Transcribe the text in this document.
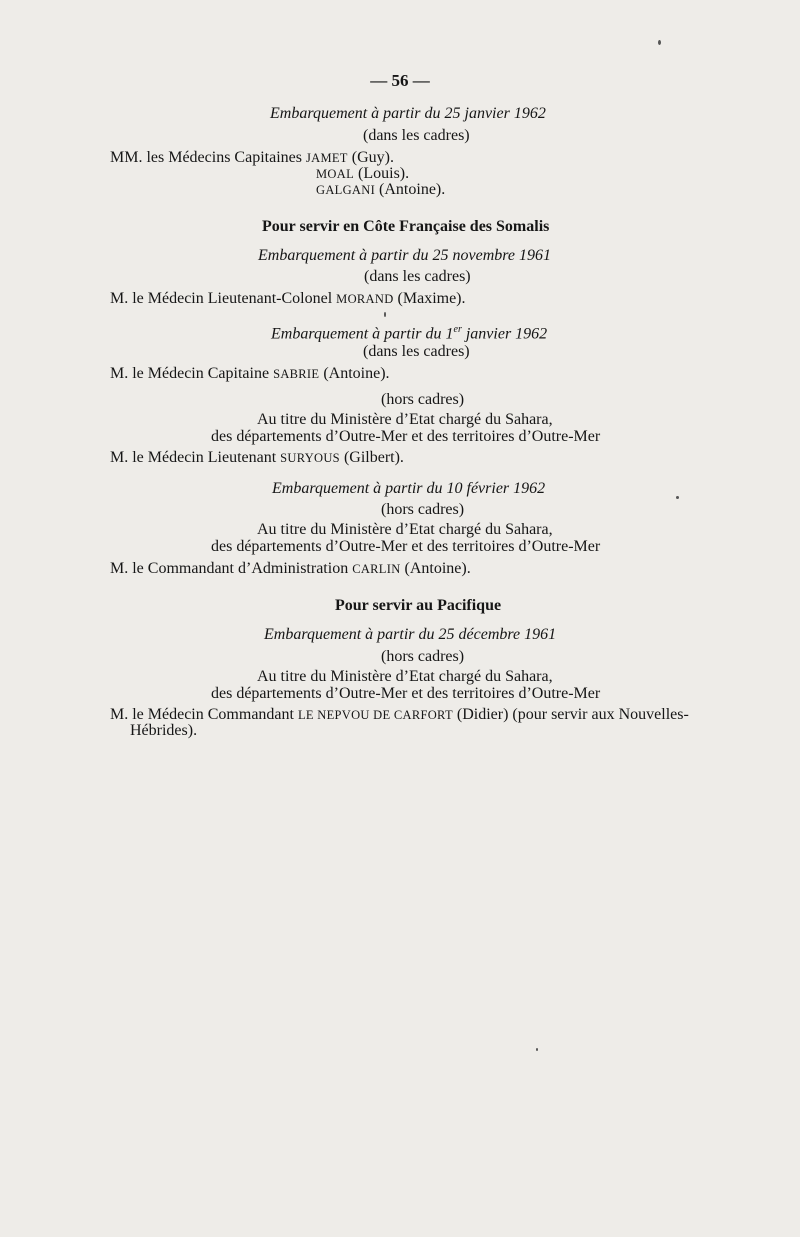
— 56 —
Embarquement à partir du 25 janvier 1962
(dans les cadres)
MM. les Médecins Capitaines JAMET (Guy).
MOAL (Louis).
GALGANI (Antoine).
Pour servir en Côte Française des Somalis
Embarquement à partir du 25 novembre 1961
(dans les cadres)
M. le Médecin Lieutenant-Colonel MORAND (Maxime).
Embarquement à partir du 1er janvier 1962
(dans les cadres)
M. le Médecin Capitaine SABRIE (Antoine).
(hors cadres)
Au titre du Ministère d’Etat chargé du Sahara,
des départements d’Outre-Mer et des territoires d’Outre-Mer
M. le Médecin Lieutenant SURYOUS (Gilbert).
Embarquement à partir du 10 février 1962
(hors cadres)
Au titre du Ministère d’Etat chargé du Sahara,
des départements d’Outre-Mer et des territoires d’Outre-Mer
M. le Commandant d’Administration CARLIN (Antoine).
Pour servir au Pacifique
Embarquement à partir du 25 décembre 1961
(hors cadres)
Au titre du Ministère d’Etat chargé du Sahara,
des départements d’Outre-Mer et des territoires d’Outre-Mer
M. le Médecin Commandant LE NEPVOU DE CARFORT (Didier) (pour servir aux Nouvelles-
Hébrides).
